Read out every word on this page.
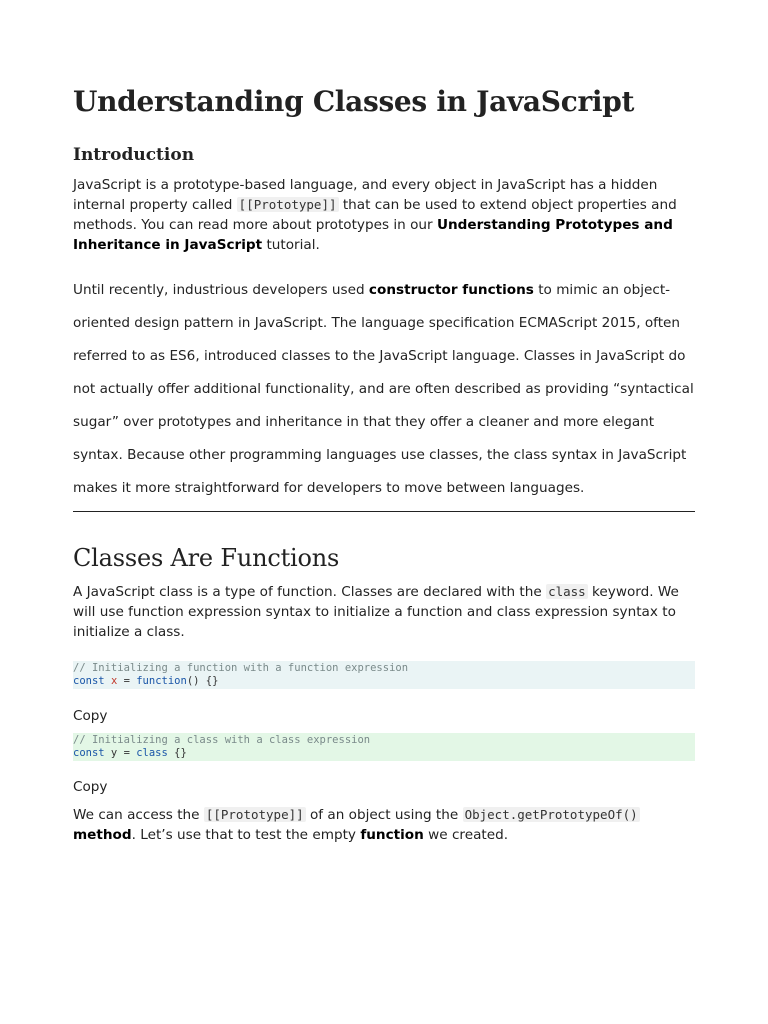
Understanding Classes in JavaScript
Introduction

JavaScript is a prototype-based language, and every object in JavaScript has a hidden internal property called [[Prototype]] that can be used to extend object properties and methods. You can read more about prototypes in our Understanding Prototypes and Inheritance in JavaScript tutorial.

Until recently, industrious developers used constructor functions to mimic an object-oriented design pattern in JavaScript. The language specification ECMAScript 2015, often referred to as ES6, introduced classes to the JavaScript language. Classes in JavaScript do not actually offer additional functionality, and are often described as providing “syntactical sugar” over prototypes and inheritance in that they offer a cleaner and more elegant syntax. Because other programming languages use classes, the class syntax in JavaScript makes it more straightforward for developers to move between languages.

Classes Are Functions

A JavaScript class is a type of function. Classes are declared with the class keyword. We will use function expression syntax to initialize a function and class expression syntax to initialize a class.

// Initializing a function with a function expression
const x = function() {}
Copy
// Initializing a class with a class expression
const y = class {}
Copy

We can access the [[Prototype]] of an object using the Object.getPrototypeOf() method. Let’s use that to test the empty function we created.
